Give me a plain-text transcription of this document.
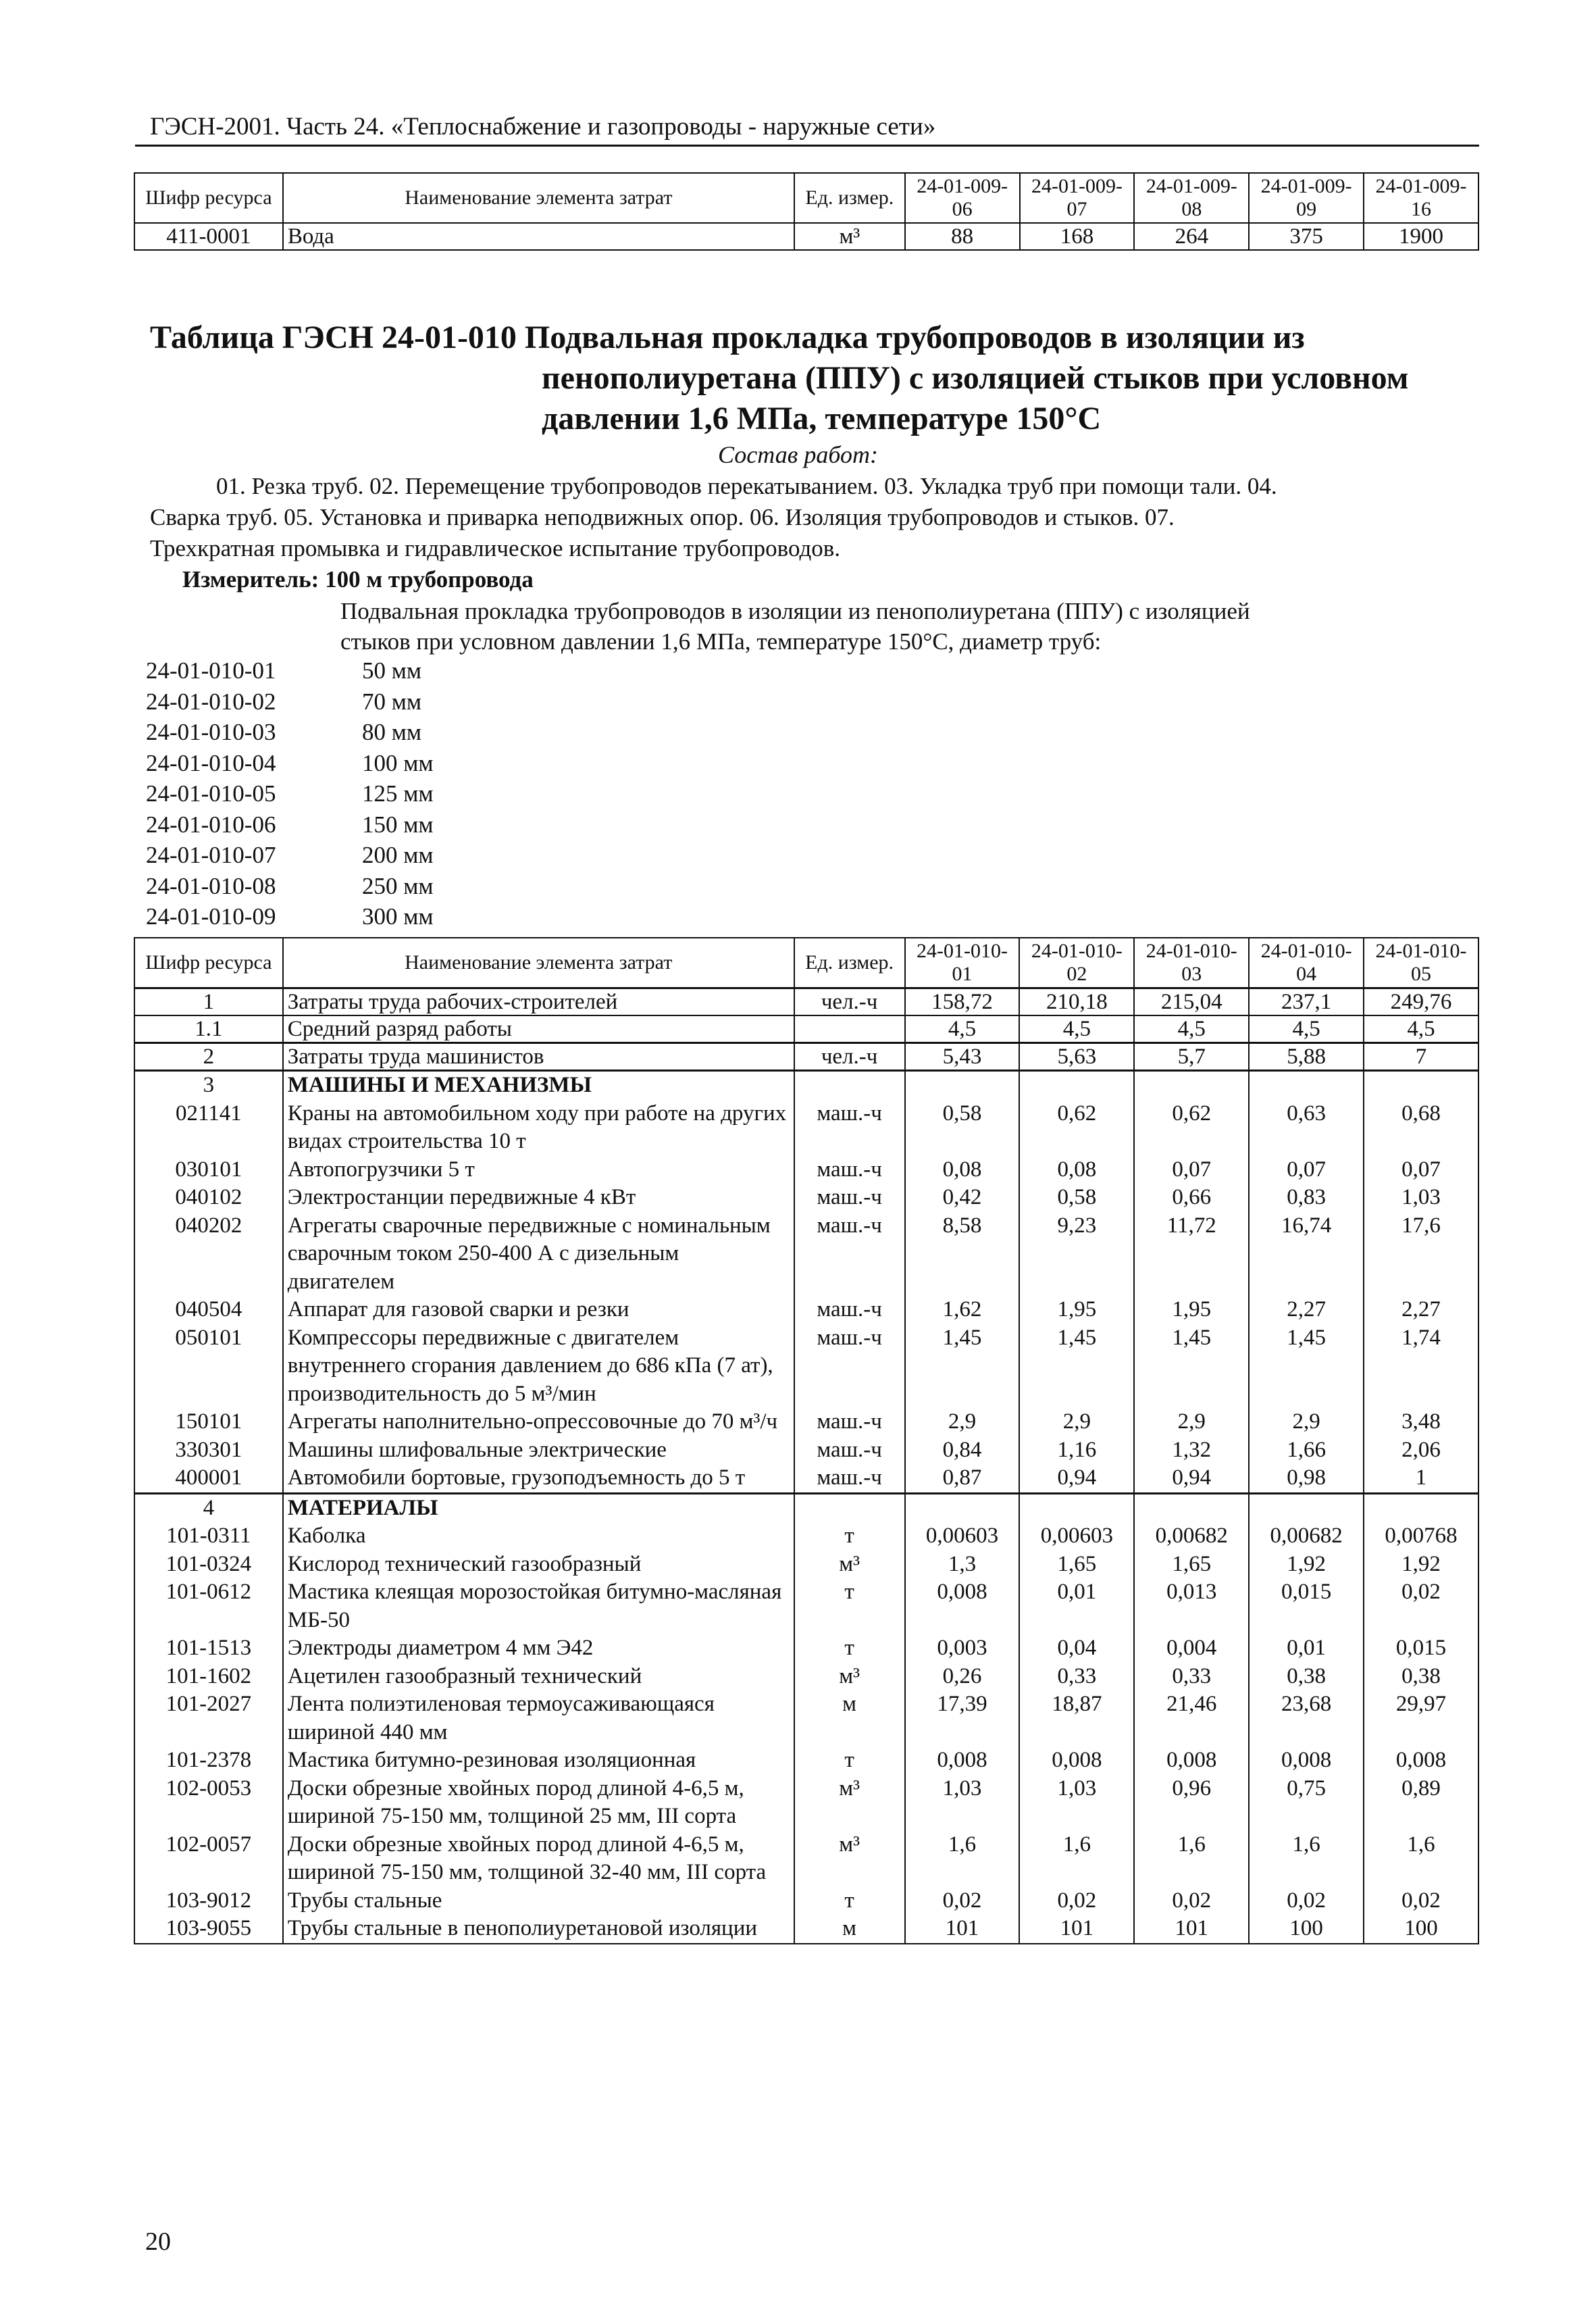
ГЭСН-2001. Часть 24. «Теплоснабжение и газопроводы - наружные сети»
Шифр ресурса	Наименование элемента затрат	Ед. измер.	24-01-009-06	24-01-009-07	24-01-009-08	24-01-009-09	24-01-009-16
411-0001	Вода	м³	88	168	264	375	1900
Таблица ГЭСН 24-01-010 Подвальная прокладка трубопроводов в изоляции из
пенополиуретана (ППУ) с изоляцией стыков при условном
давлении 1,6 МПа, температуре 150°С
Состав работ:
01. Резка труб. 02. Перемещение трубопроводов перекатыванием. 03. Укладка труб при помощи тали. 04.
Сварка труб. 05. Установка и приварка неподвижных опор. 06. Изоляция трубопроводов и стыков. 07.
Трехкратная промывка и гидравлическое испытание трубопроводов.
Измеритель: 100 м трубопровода
Подвальная прокладка трубопроводов в изоляции из пенополиуретана (ППУ) с изоляцией
стыков при условном давлении 1,6 МПа, температуре 150°С, диаметр труб:
24-01-010-01	50 мм
24-01-010-02	70 мм
24-01-010-03	80 мм
24-01-010-04	100 мм
24-01-010-05	125 мм
24-01-010-06	150 мм
24-01-010-07	200 мм
24-01-010-08	250 мм
24-01-010-09	300 мм
Шифр ресурса	Наименование элемента затрат	Ед. измер.	24-01-010-01	24-01-010-02	24-01-010-03	24-01-010-04	24-01-010-05
1	Затраты труда рабочих-строителей	чел.-ч	158,72	210,18	215,04	237,1	249,76
1.1	Средний разряд работы		4,5	4,5	4,5	4,5	4,5
2	Затраты труда машинистов	чел.-ч	5,43	5,63	5,7	5,88	7
3	МАШИНЫ И МЕХАНИЗМЫ						
021141	Краны на автомобильном ходу при работе на других видах строительства 10 т	маш.-ч	0,58	0,62	0,62	0,63	0,68
030101	Автопогрузчики 5 т	маш.-ч	0,08	0,08	0,07	0,07	0,07
040102	Электростанции передвижные 4 кВт	маш.-ч	0,42	0,58	0,66	0,83	1,03
040202	Агрегаты сварочные передвижные с номинальным сварочным током 250-400 А с дизельным двигателем	маш.-ч	8,58	9,23	11,72	16,74	17,6
040504	Аппарат для газовой сварки и резки	маш.-ч	1,62	1,95	1,95	2,27	2,27
050101	Компрессоры передвижные с двигателем внутреннего сгорания давлением до 686 кПа (7 ат), производительность до 5 м³/мин	маш.-ч	1,45	1,45	1,45	1,45	1,74
150101	Агрегаты наполнительно-опрессовочные до 70 м³/ч	маш.-ч	2,9	2,9	2,9	2,9	3,48
330301	Машины шлифовальные электрические	маш.-ч	0,84	1,16	1,32	1,66	2,06
400001	Автомобили бортовые, грузоподъемность до 5 т	маш.-ч	0,87	0,94	0,94	0,98	1
4	МАТЕРИАЛЫ						
101-0311	Каболка	т	0,00603	0,00603	0,00682	0,00682	0,00768
101-0324	Кислород технический газообразный	м³	1,3	1,65	1,65	1,92	1,92
101-0612	Мастика клеящая морозостойкая битумно-масляная МБ-50	т	0,008	0,01	0,013	0,015	0,02
101-1513	Электроды диаметром 4 мм Э42	т	0,003	0,04	0,004	0,01	0,015
101-1602	Ацетилен газообразный технический	м³	0,26	0,33	0,33	0,38	0,38
101-2027	Лента полиэтиленовая термоусаживающаяся шириной 440 мм	м	17,39	18,87	21,46	23,68	29,97
101-2378	Мастика битумно-резиновая изоляционная	т	0,008	0,008	0,008	0,008	0,008
102-0053	Доски обрезные хвойных пород длиной 4-6,5 м, шириной 75-150 мм, толщиной 25 мм, III сорта	м³	1,03	1,03	0,96	0,75	0,89
102-0057	Доски обрезные хвойных пород длиной 4-6,5 м, шириной 75-150 мм, толщиной 32-40 мм, III сорта	м³	1,6	1,6	1,6	1,6	1,6
103-9012	Трубы стальные	т	0,02	0,02	0,02	0,02	0,02
103-9055	Трубы стальные в пенополиуретановой изоляции	м	101	101	101	100	100
20
